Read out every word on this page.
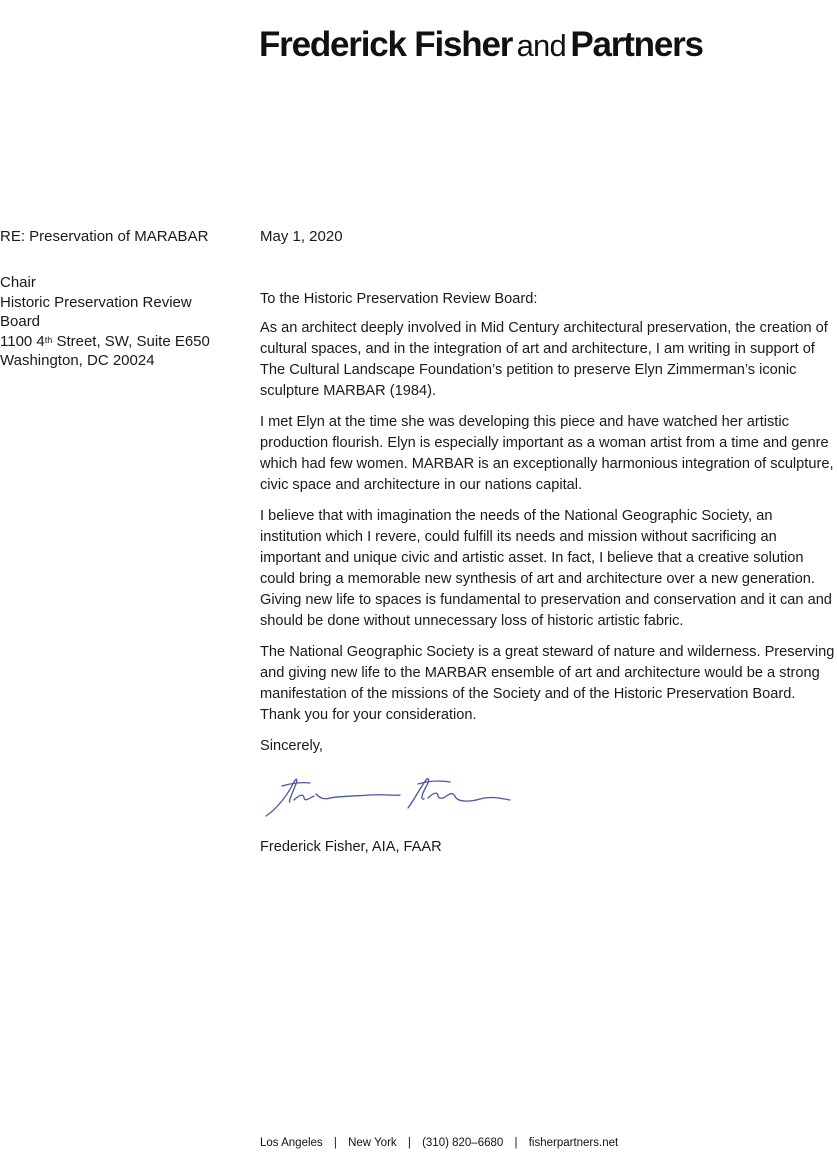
Frederick Fisher and Partners
RE: Preservation of MARABAR
Chair
Historic Preservation Review Board
1100 4th Street, SW, Suite E650
Washington, DC 20024
May 1, 2020

To the Historic Preservation Review Board:

As an architect deeply involved in Mid Century architectural preservation, the creation of cultural spaces, and in the integration of art and architecture, I am writing in support of The Cultural Landscape Foundation’s petition to preserve Elyn Zimmerman’s iconic sculpture MARBAR (1984).

I met Elyn at the time she was developing this piece and have watched her artistic production flourish. Elyn is especially important as a woman artist from a time and genre which had few women. MARBAR is an exceptionally harmonious integration of sculpture, civic space and architecture in our nations capital.

I believe that with imagination the needs of the National Geographic Society, an institution which I revere, could fulfill its needs and mission without sacrificing an important and unique civic and artistic asset. In fact, I believe that a creative solution could bring a memorable new synthesis of art and architecture over a new generation. Giving new life to spaces is fundamental to preservation and conservation and it can and should be done without unnecessary loss of historic artistic fabric.

The National Geographic Society is a great steward of nature and wilderness. Preserving and giving new life to the MARBAR ensemble of art and architecture would be a strong manifestation of the missions of the Society and of the Historic Preservation Board. Thank you for your consideration.

Sincerely,

Frederick Fisher, AIA, FAAR
Los Angeles | New York | (310) 820–6680 | fisherpartners.net
